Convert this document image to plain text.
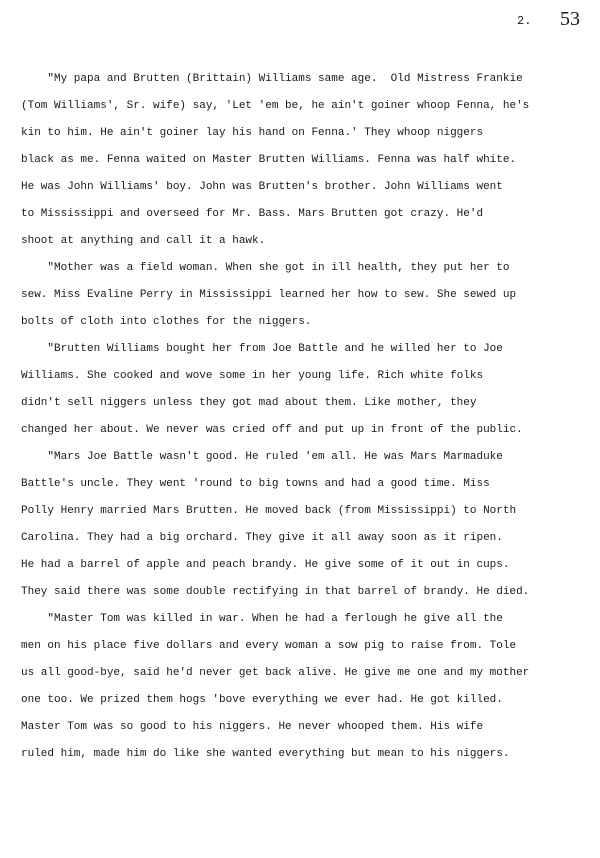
2. 53
"My papa and Brutten (Brittain) Williams same age.  Old Mistress Frankie
(Tom Williams', Sr. wife) say, 'Let 'em be, he ain't goiner whoop Fenna, he's
kin to him. He ain't goiner lay his hand on Fenna.' They whoop niggers
black as me. Fenna waited on Master Brutten Williams. Fenna was half white.
He was John Williams' boy. John was Brutten's brother. John Williams went
to Mississippi and overseed for Mr. Bass. Mars Brutten got crazy. He'd
shoot at anything and call it a hawk.
"Mother was a field woman. When she got in ill health, they put her to
sew. Miss Evaline Perry in Mississippi learned her how to sew. She sewed up
bolts of cloth into clothes for the niggers.
"Brutten Williams bought her from Joe Battle and he willed her to Joe
Williams. She cooked and wove some in her young life. Rich white folks
didn't sell niggers unless they got mad about them. Like mother, they
changed her about. We never was cried off and put up in front of the public.
"Mars Joe Battle wasn't good. He ruled 'em all. He was Mars Marmaduke
Battle's uncle. They went 'round to big towns and had a good time. Miss
Polly Henry married Mars Brutten. He moved back (from Mississippi) to North
Carolina. They had a big orchard. They give it all away soon as it ripen.
He had a barrel of apple and peach brandy. He give some of it out in cups.
They said there was some double rectifying in that barrel of brandy. He died.
"Master Tom was killed in war. When he had a ferlough he give all the
men on his place five dollars and every woman a sow pig to raise from. Tole
us all good-bye, said he'd never get back alive. He give me one and my mother
one too. We prized them hogs 'bove everything we ever had. He got killed.
Master Tom was so good to his niggers. He never whooped them. His wife
ruled him, made him do like she wanted everything but mean to his niggers.
